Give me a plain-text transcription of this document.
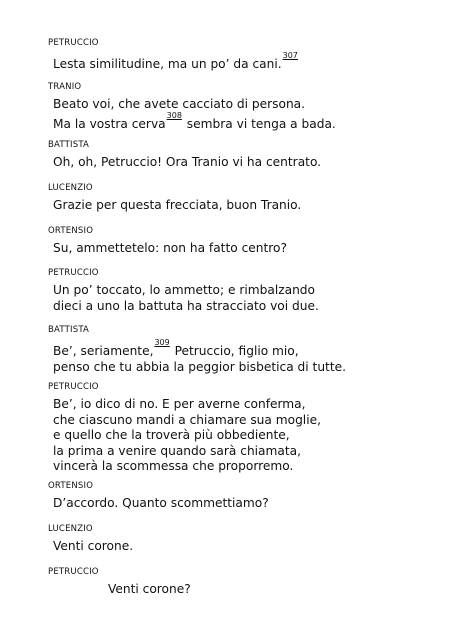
PETRUCCIO
Lesta similitudine, ma un po’ da cani.$^{307}$
TRANIO
Beato voi, che avete cacciato di persona.
Ma la vostra cerva$^{308}$ sembra vi tenga a bada.
BATTISTA
Oh, oh, Petruccio! Ora Tranio vi ha centrato.
LUCENZIO
Grazie per questa frecciata, buon Tranio.
ORTENSIO
Su, ammettetelo: non ha fatto centro?
PETRUCCIO
Un po’ toccato, lo ammetto; e rimbalzando
dieci a uno la battuta ha stracciato voi due.
BATTISTA
Be’, seriamente,$^{309}$ Petruccio, figlio mio,
penso che tu abbia la peggior bisbetica di tutte.
PETRUCCIO
Be’, io dico di no. E per averne conferma,
che ciascuno mandi a chiamare sua moglie,
e quello che la troverà più obbediente,
la prima a venire quando sarà chiamata,
vincerà la scommessa che proporremo.
ORTENSIO
D’accordo. Quanto scommettiamo?
LUCENZIO
Venti corone.
PETRUCCIO
Venti corone?
